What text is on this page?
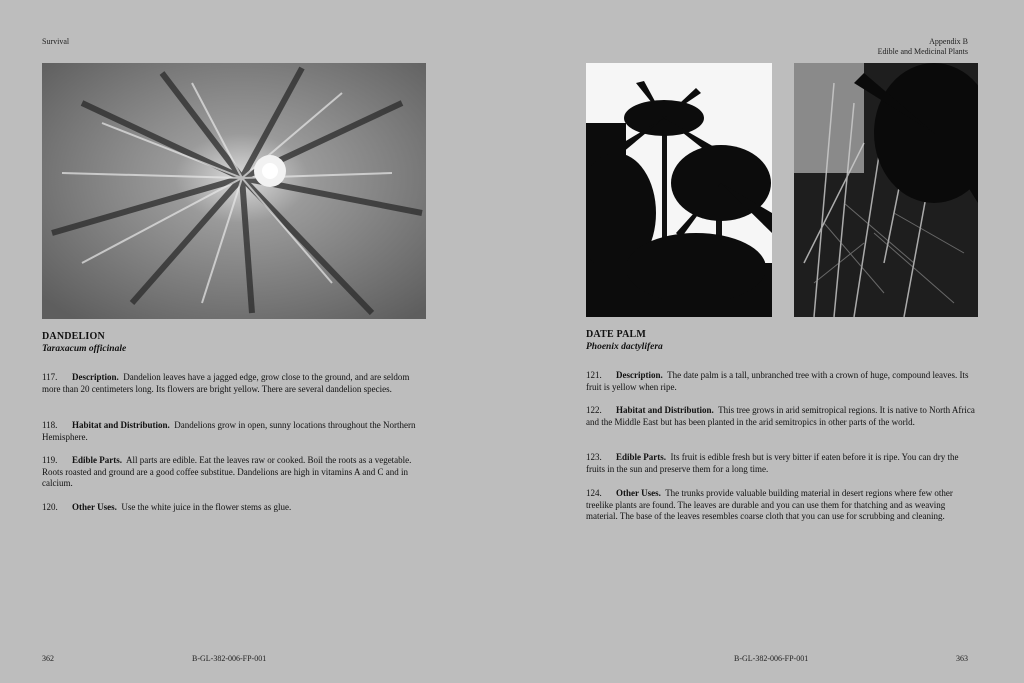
Survival
DANDELION
Taraxacum officinale

117. Description. Dandelion leaves have a jagged edge, grow close to the ground, and are seldom more than 20 centimeters long. Its flowers are bright yellow. There are several dandelion species.

118. Habitat and Distribution. Dandelions grow in open, sunny locations throughout the Northern Hemisphere.

119. Edible Parts. All parts are edible. Eat the leaves raw or cooked. Boil the roots as a vegetable. Roots roasted and ground are a good coffee substitue. Dandelions are high in vitamins A and C and in calcium.

120. Other Uses. Use the white juice in the flower stems as glue.

362	B-GL-382-006-FP-001
Appendix B
Edible and Medicinal Plants
DATE PALM
Phoenix dactylifera

121. Description. The date palm is a tall, unbranched tree with a crown of huge, compound leaves. Its fruit is yellow when ripe.

122. Habitat and Distribution. This tree grows in arid semitropical regions. It is native to North Africa and the Middle East but has been planted in the arid semitropics in other parts of the world.

123. Edible Parts. Its fruit is edible fresh but is very bitter if eaten before it is ripe. You can dry the fruits in the sun and preserve them for a long time.

124. Other Uses. The trunks provide valuable building material in desert regions where few other treelike plants are found. The leaves are durable and you can use them for thatching and as weaving material. The base of the leaves resembles coarse cloth that you can use for scrubbing and cleaning.

B-GL-382-006-FP-001	363
